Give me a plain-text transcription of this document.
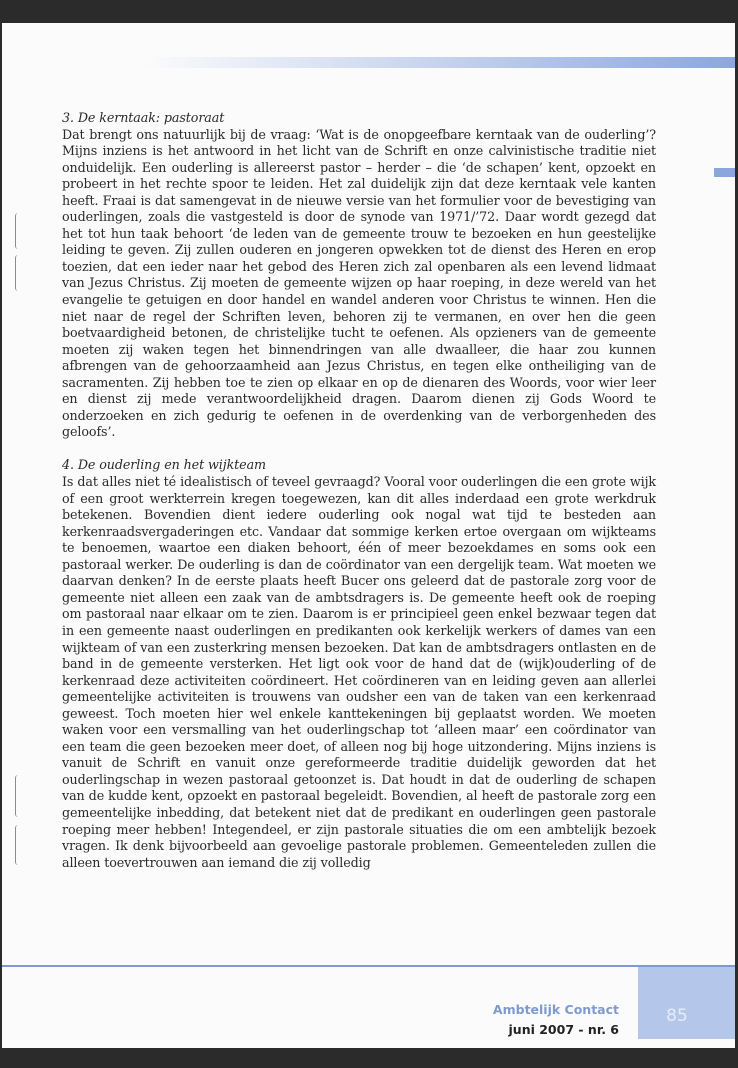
3. De kerntaak: pastoraat

Dat brengt ons natuurlijk bij de vraag: ‘Wat is de onopgeefbare kerntaak van de ouderling’? Mijns inziens is het antwoord in het licht van de Schrift en onze calvinistische traditie niet onduidelijk. Een ouderling is allereerst pastor – herder – die ‘de schapen’ kent, opzoekt en probeert in het rechte spoor te leiden. Het zal duidelijk zijn dat deze kerntaak vele kanten heeft. Fraai is dat samengevat in de nieuwe versie van het formulier voor de bevestiging van ouderlingen, zoals die vastgesteld is door de synode van 1971/’72. Daar wordt gezegd dat het tot hun taak behoort ‘de leden van de gemeente trouw te bezoeken en hun geestelijke leiding te geven. Zij zullen ouderen en jongeren opwekken tot de dienst des Heren en erop toezien, dat een ieder naar het gebod des Heren zich zal openbaren als een levend lidmaat van Jezus Christus. Zij moeten de gemeente wijzen op haar roeping, in deze wereld van het evangelie te getuigen en door handel en wandel anderen voor Christus te winnen. Hen die niet naar de regel der Schriften leven, behoren zij te vermanen, en over hen die geen boetvaardigheid betonen, de christelijke tucht te oefenen. Als opzieners van de gemeente moeten zij waken tegen het binnendringen van alle dwaalleer, die haar zou kunnen afbrengen van de gehoorzaamheid aan Jezus Christus, en tegen elke ontheiliging van de sacramenten. Zij hebben toe te zien op elkaar en op de dienaren des Woords, voor wier leer en dienst zij mede verantwoordelijkheid dragen. Daarom dienen zij Gods Woord te onderzoeken en zich gedurig te oefenen in de overdenking van de verborgenheden des geloofs’.

4. De ouderling en het wijkteam

Is dat alles niet té idealistisch of teveel gevraagd? Vooral voor ouderlingen die een grote wijk of een groot werkterrein kregen toegewezen, kan dit alles inderdaad een grote werkdruk betekenen. Bovendien dient iedere ouderling ook nogal wat tijd te besteden aan kerkenraadsvergaderingen etc. Vandaar dat sommige kerken ertoe overgaan om wijkteams te benoemen, waartoe een diaken behoort, één of meer bezoekdames en soms ook een pastoraal werker. De ouderling is dan de coördinator van een dergelijk team. Wat moeten we daarvan denken? In de eerste plaats heeft Bucer ons geleerd dat de pastorale zorg voor de gemeente niet alleen een zaak van de ambtsdragers is. De gemeente heeft ook de roeping om pastoraal naar elkaar om te zien. Daarom is er principieel geen enkel bezwaar tegen dat in een gemeente naast ouderlingen en predikanten ook kerkelijk werkers of dames van een wijkteam of van een zusterkring mensen bezoeken. Dat kan de ambtsdragers ontlasten en de band in de gemeente versterken. Het ligt ook voor de hand dat de (wijk)ouderling of de kerkenraad deze activiteiten coördineert. Het coördineren van en leiding geven aan allerlei gemeentelijke activiteiten is trouwens van oudsher een van de taken van een kerkenraad geweest. Toch moeten hier wel enkele kanttekeningen bij geplaatst worden. We moeten waken voor een versmalling van het ouderlingschap tot ‘alleen maar’ een coördinator van een team die geen bezoeken meer doet, of alleen nog bij hoge uitzondering. Mijns inziens is vanuit de Schrift en vanuit onze gereformeerde traditie duidelijk geworden dat het ouderlingschap in wezen pastoraal getoonzet is. Dat houdt in dat de ouderling de schapen van de kudde kent, opzoekt en pastoraal begeleidt. Bovendien, al heeft de pastorale zorg een gemeentelijke inbedding, dat betekent niet dat de predikant en ouderlingen geen pastorale roeping meer hebben! Integendeel, er zijn pastorale situaties die om een ambtelijk bezoek vragen. Ik denk bijvoorbeeld aan gevoelige pastorale problemen. Gemeenteleden zullen die alleen toevertrouwen aan iemand die zij volledig

85
Ambtelijk Contact
juni 2007 - nr. 6
